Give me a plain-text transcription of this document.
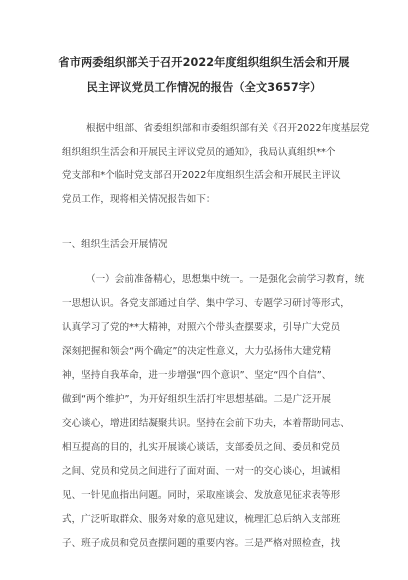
省市两委组织部关于召开2022年度组织组织生活会和开展
民主评议党员工作情况的报告（全文3657字）
根据中组部、省委组织部和市委组织部有关《召开2022年度基层党
组织组织生活会和开展民主评议党员的通知》，我局认真组织**个
党支部和*个临时党支部召开2022年度组织生活会和开展民主评议
党员工作，现将相关情况报告如下：
一、组织生活会开展情况
（一）会前准备精心，思想集中统一。一是强化会前学习教育，统
一思想认识。各党支部通过自学、集中学习、专题学习研讨等形式，
认真学习了党的**大精神，对照六个带头查摆要求，引导广大党员
深刻把握和领会“两个确定”的决定性意义，大力弘扬伟大建党精
神，坚持自我革命，进一步增强“四个意识”、坚定“四个自信”、
做到“两个维护”，为开好组织生活打牢思想基础。二是广泛开展
交心谈心，增进团结凝聚共识。坚持在会前下功夫，本着帮助同志、
相互提高的目的，扎实开展谈心谈话，支部委员之间、委员和党员
之间、党员和党员之间进行了面对面、一对一的交心谈心，坦诚相
见、一针见血指出问题。同时，采取座谈会、发放意见征求表等形
式，广泛听取群众、服务对象的意见建议，梳理汇总后纳入支部班
子、班子成员和党员查摆问题的重要内容。三是严格对照检查，找
